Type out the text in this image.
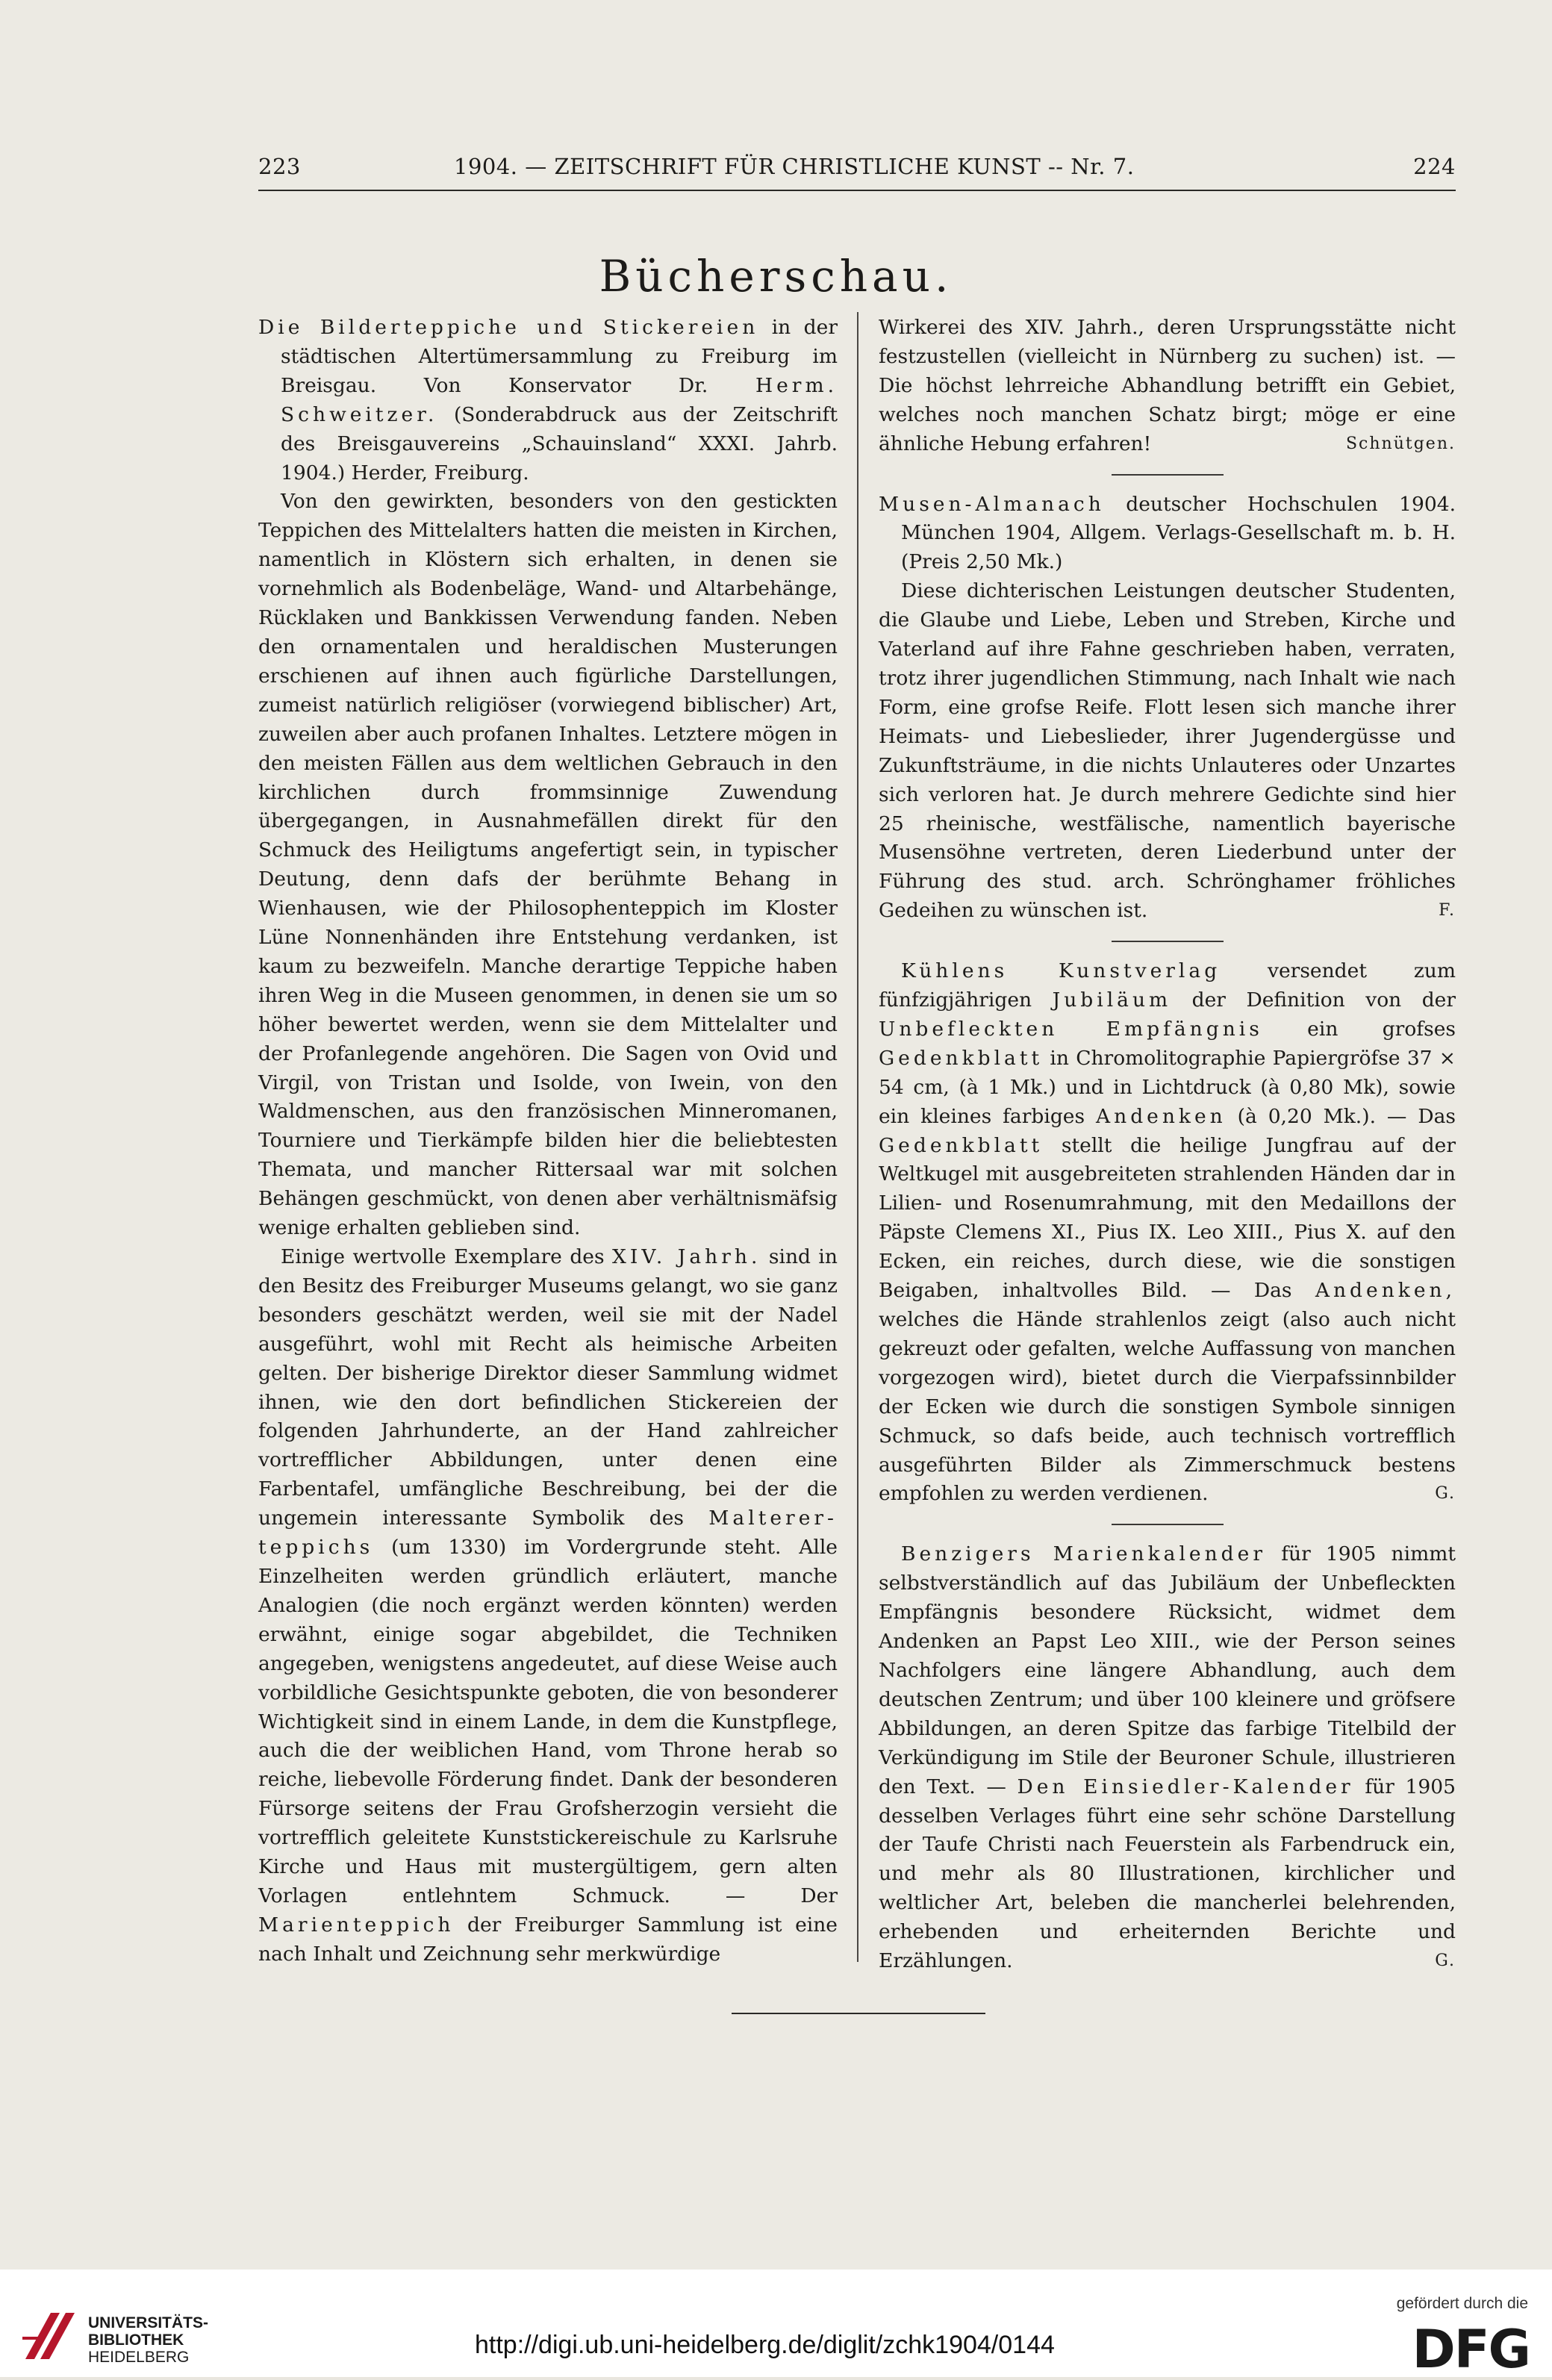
223	1904. — ZEITSCHRIFT FÜR CHRISTLICHE KUNST -- Nr. 7.	224
Bücherschau.

Die Bilderteppiche und Stickereien in der städtischen Altertümersammlung zu Freiburg im Breisgau. Von Konservator Dr. Herm. Schweitzer. (Sonderabdruck aus der Zeitschrift des Breisgauvereins „Schauinsland“ XXXI. Jahrb. 1904.) Herder, Freiburg.

Von den gewirkten, besonders von den gestickten Teppichen des Mittelalters hatten die meisten in Kirchen, namentlich in Klöstern sich erhalten, in denen sie vornehmlich als Bodenbeläge, Wand- und Altarbehänge, Rücklaken und Bankkissen Verwendung fanden. Neben den ornamentalen und heraldischen Musterungen erschienen auf ihnen auch figürliche Darstellungen, zumeist natürlich religiöser (vorwiegend biblischer) Art, zuweilen aber auch profanen Inhaltes. Letztere mögen in den meisten Fällen aus dem weltlichen Gebrauch in den kirchlichen durch frommsinnige Zuwendung übergegangen, in Ausnahmefällen direkt für den Schmuck des Heiligtums angefertigt sein, in typischer Deutung, denn dafs der berühmte Behang in Wienhausen, wie der Philosophenteppich im Kloster Lüne Nonnenhänden ihre Entstehung verdanken, ist kaum zu bezweifeln. Manche derartige Teppiche haben ihren Weg in die Museen genommen, in denen sie um so höher bewertet werden, wenn sie dem Mittelalter und der Profanlegende angehören. Die Sagen von Ovid und Virgil, von Tristan und Isolde, von Iwein, von den Waldmenschen, aus den französischen Minneromanen, Tourniere und Tierkämpfe bilden hier die beliebtesten Themata, und mancher Rittersaal war mit solchen Behängen geschmückt, von denen aber verhältnismäfsig wenige erhalten geblieben sind.

Einige wertvolle Exemplare des XIV. Jahrh. sind in den Besitz des Freiburger Museums gelangt, wo sie ganz besonders geschätzt werden, weil sie mit der Nadel ausgeführt, wohl mit Recht als heimische Arbeiten gelten. Der bisherige Direktor dieser Sammlung widmet ihnen, wie den dort befindlichen Stickereien der folgenden Jahrhunderte, an der Hand zahlreicher vortrefflicher Abbildungen, unter denen eine Farbentafel, umfängliche Beschreibung, bei der die ungemein interessante Symbolik des Malterer-teppichs (um 1330) im Vordergrunde steht. Alle Einzelheiten werden gründlich erläutert, manche Analogien (die noch ergänzt werden könnten) werden erwähnt, einige sogar abgebildet, die Techniken angegeben, wenigstens angedeutet, auf diese Weise auch vorbildliche Gesichtspunkte geboten, die von besonderer Wichtigkeit sind in einem Lande, in dem die Kunstpflege, auch die der weiblichen Hand, vom Throne herab so reiche, liebevolle Förderung findet. Dank der besonderen Fürsorge seitens der Frau Grofsherzogin versieht die vortrefflich geleitete Kunststickereischule zu Karlsruhe Kirche und Haus mit mustergültigem, gern alten Vorlagen entlehntem Schmuck. — Der Marienteppich der Freiburger Sammlung ist eine nach Inhalt und Zeichnung sehr merkwürdige

Wirkerei des XIV. Jahrh., deren Ursprungsstätte nicht festzustellen (vielleicht in Nürnberg zu suchen) ist. — Die höchst lehrreiche Abhandlung betrifft ein Gebiet, welches noch manchen Schatz birgt; möge er eine ähnliche Hebung erfahren!	Schnütgen.

Musen-Almanach deutscher Hochschulen 1904. München 1904, Allgem. Verlags-Gesellschaft m. b. H. (Preis 2,50 Mk.)

Diese dichterischen Leistungen deutscher Studenten, die Glaube und Liebe, Leben und Streben, Kirche und Vaterland auf ihre Fahne geschrieben haben, verraten, trotz ihrer jugendlichen Stimmung, nach Inhalt wie nach Form, eine grofse Reife. Flott lesen sich manche ihrer Heimats- und Liebeslieder, ihrer Jugendergüsse und Zukunftsträume, in die nichts Unlauteres oder Unzartes sich verloren hat. Je durch mehrere Gedichte sind hier 25 rheinische, westfälische, namentlich bayerische Musensöhne vertreten, deren Liederbund unter der Führung des stud. arch. Schrönghamer fröhliches Gedeihen zu wünschen ist.	F.

Kühlens Kunstverlag versendet zum fünfzigjährigen Jubiläum der Definition von der Unbefleckten Empfängnis ein grofses Gedenkblatt in Chromolitographie Papiergröfse 37 × 54 cm, (à 1 Mk.) und in Lichtdruck (à 0,80 Mk), sowie ein kleines farbiges Andenken (à 0,20 Mk.). — Das Gedenkblatt stellt die heilige Jungfrau auf der Weltkugel mit ausgebreiteten strahlenden Händen dar in Lilien- und Rosenumrahmung, mit den Medaillons der Päpste Clemens XI., Pius IX. Leo XIII., Pius X. auf den Ecken, ein reiches, durch diese, wie die sonstigen Beigaben, inhaltvolles Bild. — Das Andenken, welches die Hände strahlenlos zeigt (also auch nicht gekreuzt oder gefalten, welche Auffassung von manchen vorgezogen wird), bietet durch die Vierpafssinnbilder der Ecken wie durch die sonstigen Symbole sinnigen Schmuck, so dafs beide, auch technisch vortrefflich ausgeführten Bilder als Zimmerschmuck bestens empfohlen zu werden verdienen.	G.

Benzigers Marienkalender für 1905 nimmt selbstverständlich auf das Jubiläum der Unbefleckten Empfängnis besondere Rücksicht, widmet dem Andenken an Papst Leo XIII., wie der Person seines Nachfolgers eine längere Abhandlung, auch dem deutschen Zentrum; und über 100 kleinere und gröfsere Abbildungen, an deren Spitze das farbige Titelbild der Verkündigung im Stile der Beuroner Schule, illustrieren den Text. — Den Einsiedler-Kalender für 1905 desselben Verlages führt eine sehr schöne Darstellung der Taufe Christi nach Feuerstein als Farbendruck ein, und mehr als 80 Illustrationen, kirchlicher und weltlicher Art, beleben die mancherlei belehrenden, erhebenden und erheiternden Berichte und Erzählungen.	G.

UNIVERSITÄTS-
BIBLIOTHEK
HEIDELBERG	http://digi.ub.uni-heidelberg.de/diglit/zchk1904/0144
gefördert durch die
DFG
